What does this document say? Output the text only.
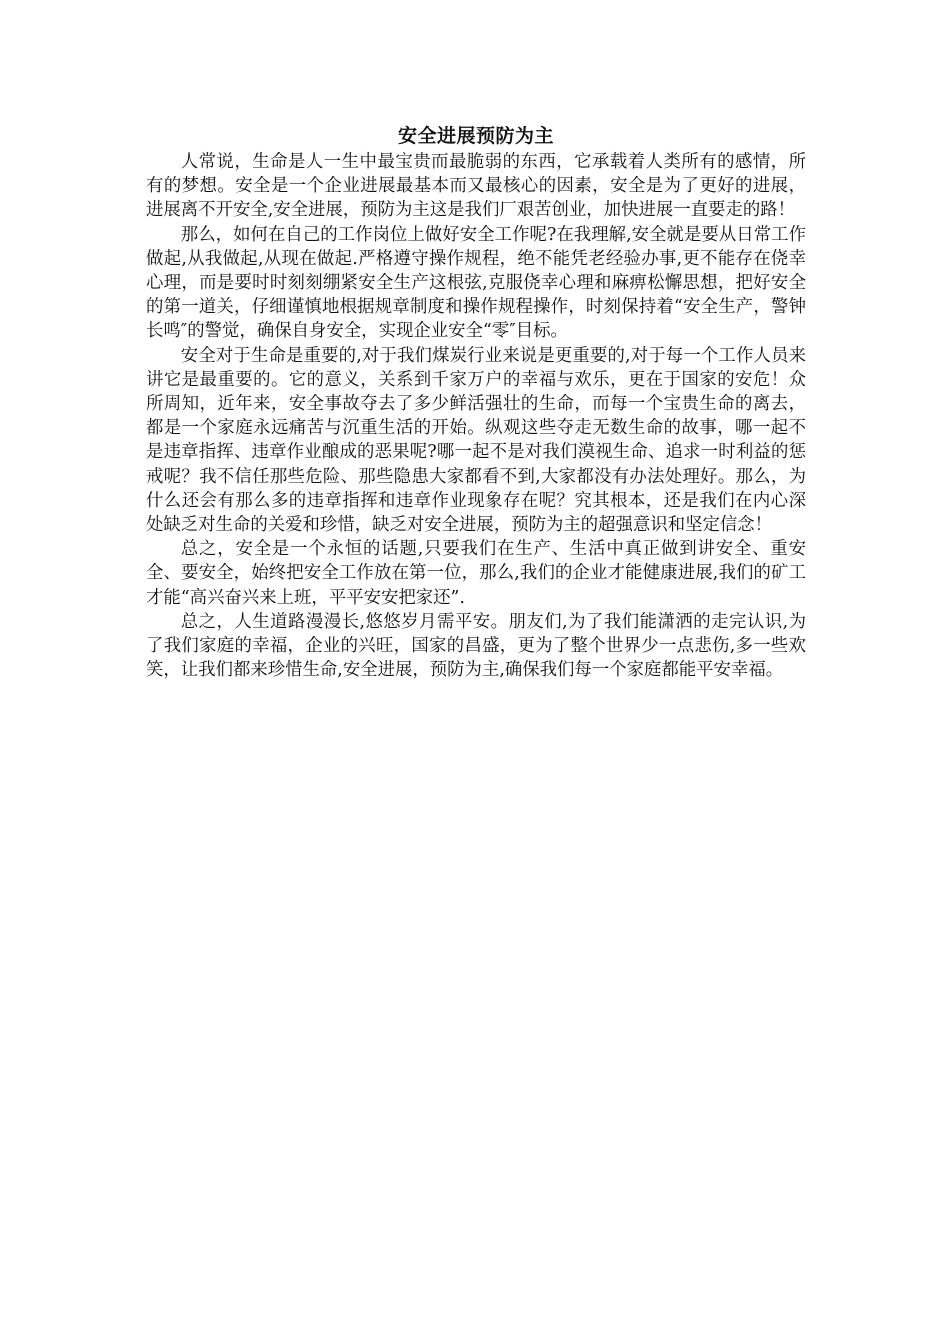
安全进展预防为主

人常说，生命是人一生中最宝贵而最脆弱的东西，它承载着人类所有的感情，所有的梦想。安全是一个企业进展最基本而又最核心的因素，安全是为了更好的进展，进展离不开安全,安全进展，预防为主这是我们厂艰苦创业，加快进展一直要走的路！

那么，如何在自己的工作岗位上做好安全工作呢?在我理解,安全就是要从日常工作做起,从我做起,从现在做起.严格遵守操作规程，绝不能凭老经验办事,更不能存在侥幸心理，而是要时时刻刻绷紧安全生产这根弦,克服侥幸心理和麻痹松懈思想，把好安全的第一道关，仔细谨慎地根据规章制度和操作规程操作，时刻保持着“安全生产，警钟长鸣″的警觉，确保自身安全，实现企业安全“零″目标。

安全对于生命是重要的,对于我们煤炭行业来说是更重要的,对于每一个工作人员来讲它是最重要的。它的意义，关系到千家万户的幸福与欢乐，更在于国家的安危！众所周知，近年来，安全事故夺去了多少鲜活强壮的生命，而每一个宝贵生命的离去，都是一个家庭永远痛苦与沉重生活的开始。纵观这些夺走无数生命的故事，哪一起不是违章指挥、违章作业酿成的恶果呢?哪一起不是对我们漠视生命、追求一时利益的惩戒呢？我不信任那些危险、那些隐患大家都看不到,大家都没有办法处理好。那么，为什么还会有那么多的违章指挥和违章作业现象存在呢？究其根本，还是我们在内心深处缺乏对生命的关爱和珍惜，缺乏对安全进展，预防为主的超强意识和坚定信念！

总之，安全是一个永恒的话题,只要我们在生产、生活中真正做到讲安全、重安全、要安全，始终把安全工作放在第一位，那么,我们的企业才能健康进展,我们的矿工才能“高兴奋兴来上班，平平安安把家还”.

总之，人生道路漫漫长,悠悠岁月需平安。朋友们,为了我们能潇洒的走完认识,为了我们家庭的幸福，企业的兴旺，国家的昌盛，更为了整个世界少一点悲伤,多一些欢笑，让我们都来珍惜生命,安全进展，预防为主,确保我们每一个家庭都能平安幸福。
